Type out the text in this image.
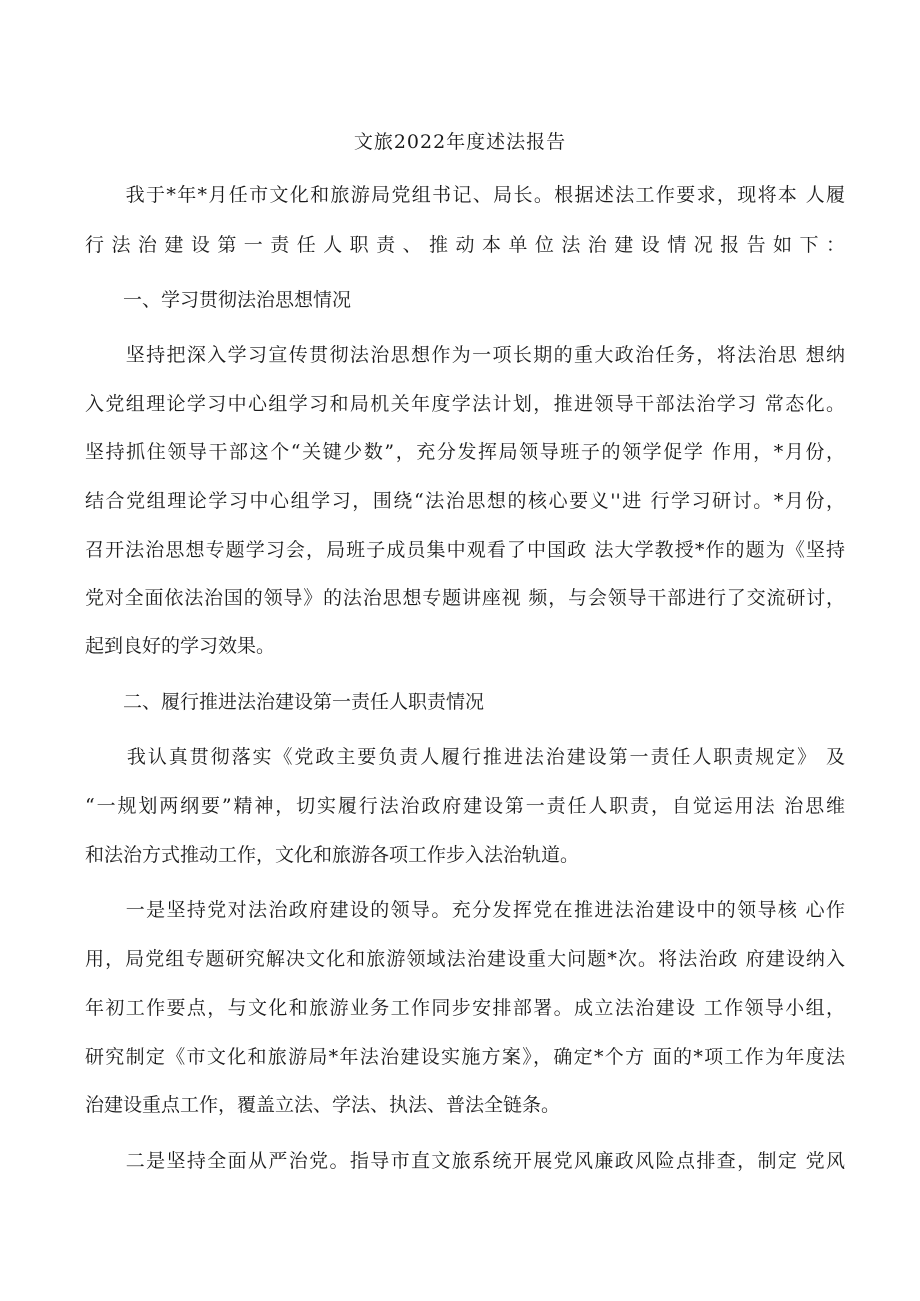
文旅2022年度述法报告
　　我于*年*月任市文化和旅游局党组书记、局长。根据述法工作要求，现将本 人履
行法治建设第一责任人职责、推动本单位法治建设情况报告如下：
　　一、学习贯彻法治思想情况
　　坚持把深入学习宣传贯彻法治思想作为一项长期的重大政治任务，将法治思 想纳
入党组理论学习中心组学习和局机关年度学法计划，推进领导干部法治学习 常态化。
坚持抓住领导干部这个“关键少数”，充分发挥局领导班子的领学促学 作用，*月份，
结合党组理论学习中心组学习，围绕“法治思想的核心要义''进 行学习研讨。*月份，
召开法治思想专题学习会，局班子成员集中观看了中国政 法大学教授*作的题为《坚持
党对全面依法治国的领导》的法治思想专题讲座视 频，与会领导干部进行了交流研讨，
起到良好的学习效果。
　　二、履行推进法治建设第一责任人职责情况
　　我认真贯彻落实《党政主要负责人履行推进法治建设第一责任人职责规定》 及
“一规划两纲要”精神，切实履行法治政府建设第一责任人职责，自觉运用法 治思维
和法治方式推动工作，文化和旅游各项工作步入法治轨道。
　　一是坚持党对法治政府建设的领导。充分发挥党在推进法治建设中的领导核 心作
用，局党组专题研究解决文化和旅游领域法治建设重大问题*次。将法治政 府建设纳入
年初工作要点，与文化和旅游业务工作同步安排部署。成立法治建设 工作领导小组，
研究制定《市文化和旅游局*年法治建设实施方案》，确定*个方 面的*项工作为年度法
治建设重点工作，覆盖立法、学法、执法、普法全链条。
　　二是坚持全面从严治党。指导市直文旅系统开展党风廉政风险点排查，制定 党风
